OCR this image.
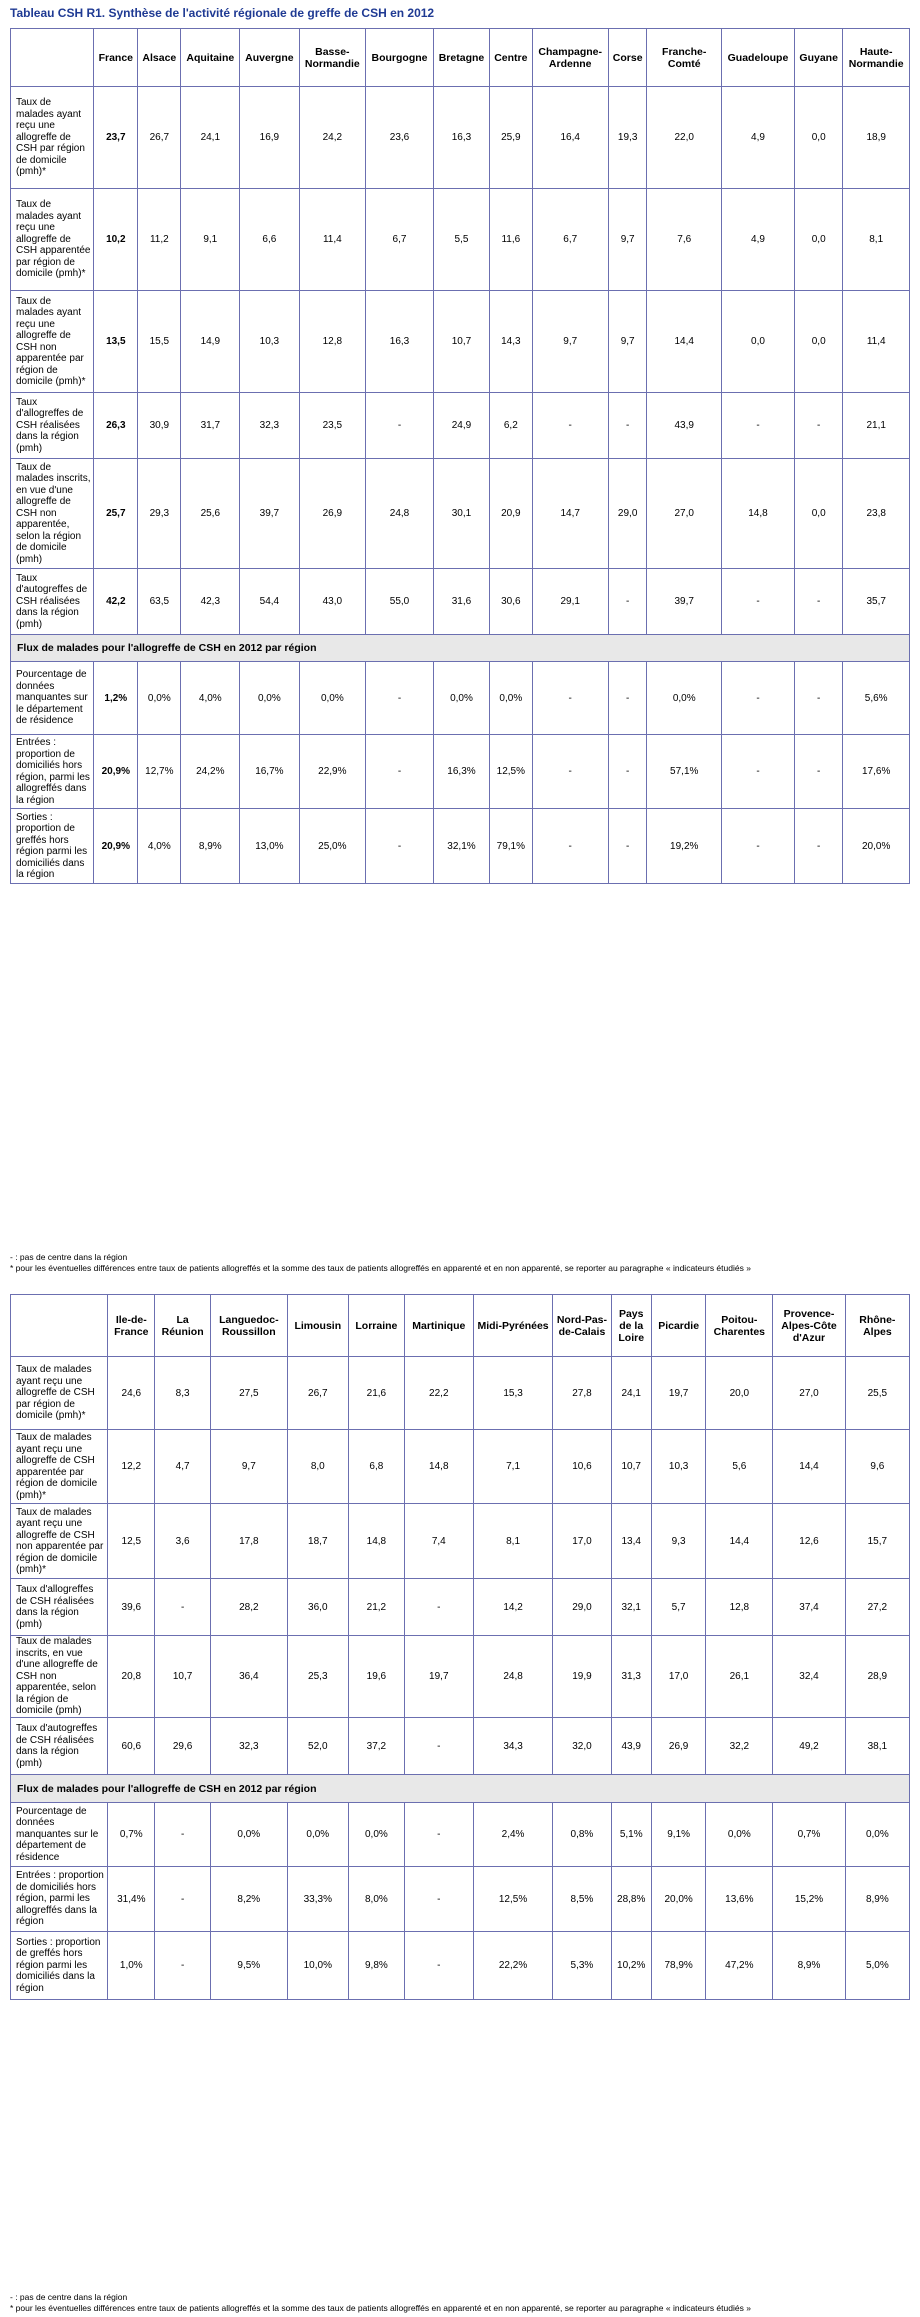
Tableau CSH R1. Synthèse de l'activité régionale de greffe de CSH en 2012
	France	Alsace	Aquitaine	Auvergne	Basse-Normandie	Bourgogne	Bretagne	Centre	Champagne-Ardenne	Corse	Franche-Comté	Guadeloupe	Guyane	Haute-Normandie
Taux de malades ayant reçu une allogreffe de CSH par région de domicile (pmh)*	23,7	26,7	24,1	16,9	24,2	23,6	16,3	25,9	16,4	19,3	22,0	4,9	0,0	18,9
Taux de malades ayant reçu une allogreffe de CSH apparentée par région de domicile (pmh)*	10,2	11,2	9,1	6,6	11,4	6,7	5,5	11,6	6,7	9,7	7,6	4,9	0,0	8,1
Taux de malades ayant reçu une allogreffe de CSH non apparentée par région de domicile (pmh)*	13,5	15,5	14,9	10,3	12,8	16,3	10,7	14,3	9,7	9,7	14,4	0,0	0,0	11,4
Taux d'allogreffes de CSH réalisées dans la région (pmh)	26,3	30,9	31,7	32,3	23,5	-	24,9	6,2	-	-	43,9	-	-	21,1
Taux de malades inscrits, en vue d'une allogreffe de CSH non apparentée, selon la région de domicile (pmh)	25,7	29,3	25,6	39,7	26,9	24,8	30,1	20,9	14,7	29,0	27,0	14,8	0,0	23,8
Taux d'autogreffes de CSH réalisées dans la région (pmh)	42,2	63,5	42,3	54,4	43,0	55,0	31,6	30,6	29,1	-	39,7	-	-	35,7
Flux de malades pour l'allogreffe de CSH en 2012 par région														
Pourcentage de données manquantes sur le département de résidence	1,2%	0,0%	4,0%	0,0%	0,0%	-	0,0%	0,0%	-	-	0,0%	-	-	5,6%
Entrées : proportion de domiciliés hors région, parmi les allogreffés dans la région	20,9%	12,7%	24,2%	16,7%	22,9%	-	16,3%	12,5%	-	-	57,1%	-	-	17,6%
Sorties : proportion de greffés hors région parmi les domiciliés dans la région	20,9%	4,0%	8,9%	13,0%	25,0%	-	32,1%	79,1%	-	-	19,2%	-	-	20,0%
- : pas de centre dans la région
* pour les éventuelles différences entre taux de patients allogreffés et la somme des taux de patients allogreffés en apparenté et en non apparenté, se reporter au paragraphe « indicateurs étudiés »
	Ile-de-France	La Réunion	Languedoc-Roussillon	Limousin	Lorraine	Martinique	Midi-Pyrénées	Nord-Pas-de-Calais	Pays de la Loire	Picardie	Poitou-Charentes	Provence-Alpes-Côte d'Azur	Rhône-Alpes
Taux de malades ayant reçu une allogreffe de CSH par région de domicile (pmh)*	24,6	8,3	27,5	26,7	21,6	22,2	15,3	27,8	24,1	19,7	20,0	27,0	25,5
Taux de malades ayant reçu une allogreffe de CSH apparentée par région de domicile (pmh)*	12,2	4,7	9,7	8,0	6,8	14,8	7,1	10,6	10,7	10,3	5,6	14,4	9,6
Taux de malades ayant reçu une allogreffe de CSH non apparentée par région de domicile (pmh)*	12,5	3,6	17,8	18,7	14,8	7,4	8,1	17,0	13,4	9,3	14,4	12,6	15,7
Taux d'allogreffes de CSH réalisées dans la région (pmh)	39,6	-	28,2	36,0	21,2	-	14,2	29,0	32,1	5,7	12,8	37,4	27,2
Taux de malades inscrits, en vue d'une allogreffe de CSH non apparentée, selon la région de domicile (pmh)	20,8	10,7	36,4	25,3	19,6	19,7	24,8	19,9	31,3	17,0	26,1	32,4	28,9
Taux d'autogreffes de CSH réalisées dans la région (pmh)	60,6	29,6	32,3	52,0	37,2	-	34,3	32,0	43,9	26,9	32,2	49,2	38,1
Flux de malades pour l'allogreffe de CSH en 2012 par région													
Pourcentage de données manquantes sur le département de résidence	0,7%	-	0,0%	0,0%	0,0%	-	2,4%	0,8%	5,1%	9,1%	0,0%	0,7%	0,0%
Entrées : proportion de domiciliés hors région, parmi les allogreffés dans la région	31,4%	-	8,2%	33,3%	8,0%	-	12,5%	8,5%	28,8%	20,0%	13,6%	15,2%	8,9%
Sorties : proportion de greffés hors région parmi les domiciliés dans la région	1,0%	-	9,5%	10,0%	9,8%	-	22,2%	5,3%	10,2%	78,9%	47,2%	8,9%	5,0%
- : pas de centre dans la région
* pour les éventuelles différences entre taux de patients allogreffés et la somme des taux de patients allogreffés en apparenté et en non apparenté, se reporter au paragraphe « indicateurs étudiés »
